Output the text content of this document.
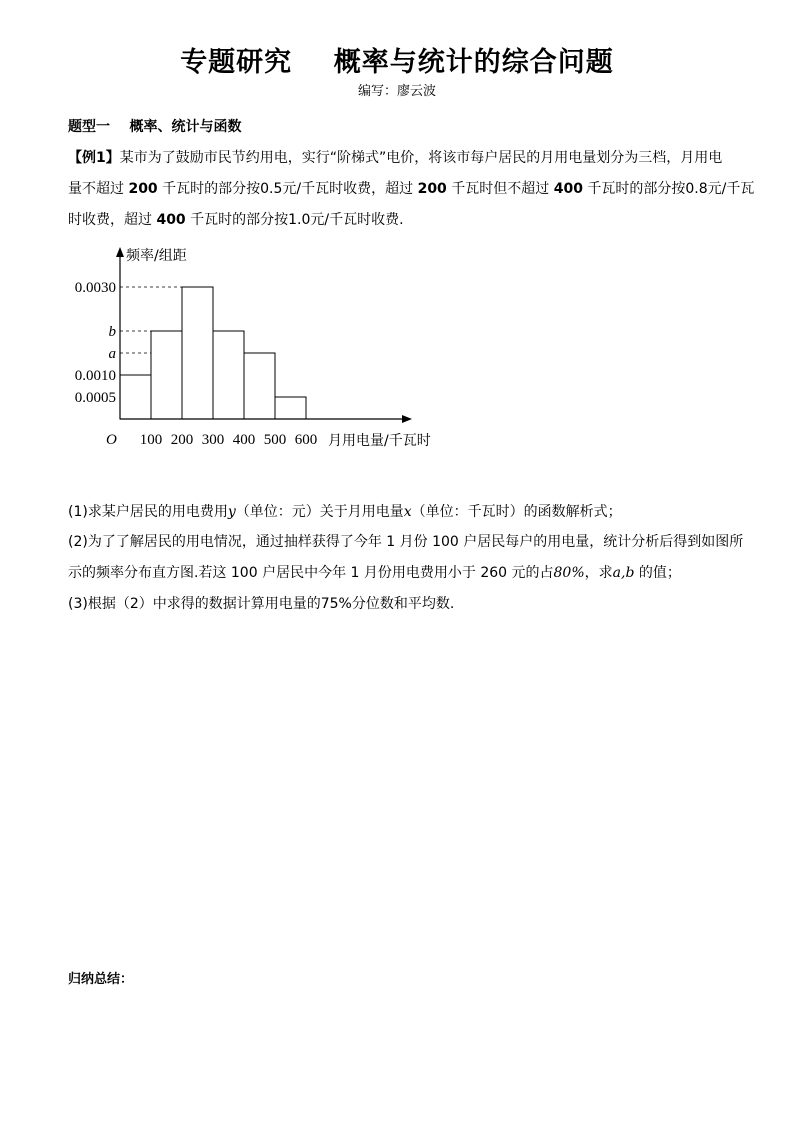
专题研究    概率与统计的综合问题
编写：廖云波
题型一    概率、统计与函数
【例1】某市为了鼓励市民节约用电，实行“阶梯式”电价，将该市每户居民的月用电量划分为三档，月用电
量不超过 200 千瓦时的部分按0.5元/千瓦时收费，超过 200 千瓦时但不超过 400 千瓦时的部分按0.8元/千瓦
时收费，超过 400 千瓦时的部分按1.0元/千瓦时收费.
频率/组距
月用电量/千瓦时
O 100 200 300 400 500 600
0.0030
b
a
0.0010
0.0005
(1)求某户居民的用电费用y（单位：元）关于月用电量x（单位：千瓦时）的函数解析式；
(2)为了了解居民的用电情况，通过抽样获得了今年 1 月份 100 户居民每户的用电量，统计分析后得到如图所
示的频率分布直方图.若这 100 户居民中今年 1 月份用电费用小于 260 元的占80%，求a,b 的值；
(3)根据（2）中求得的数据计算用电量的75%分位数和平均数.
归纳总结：
